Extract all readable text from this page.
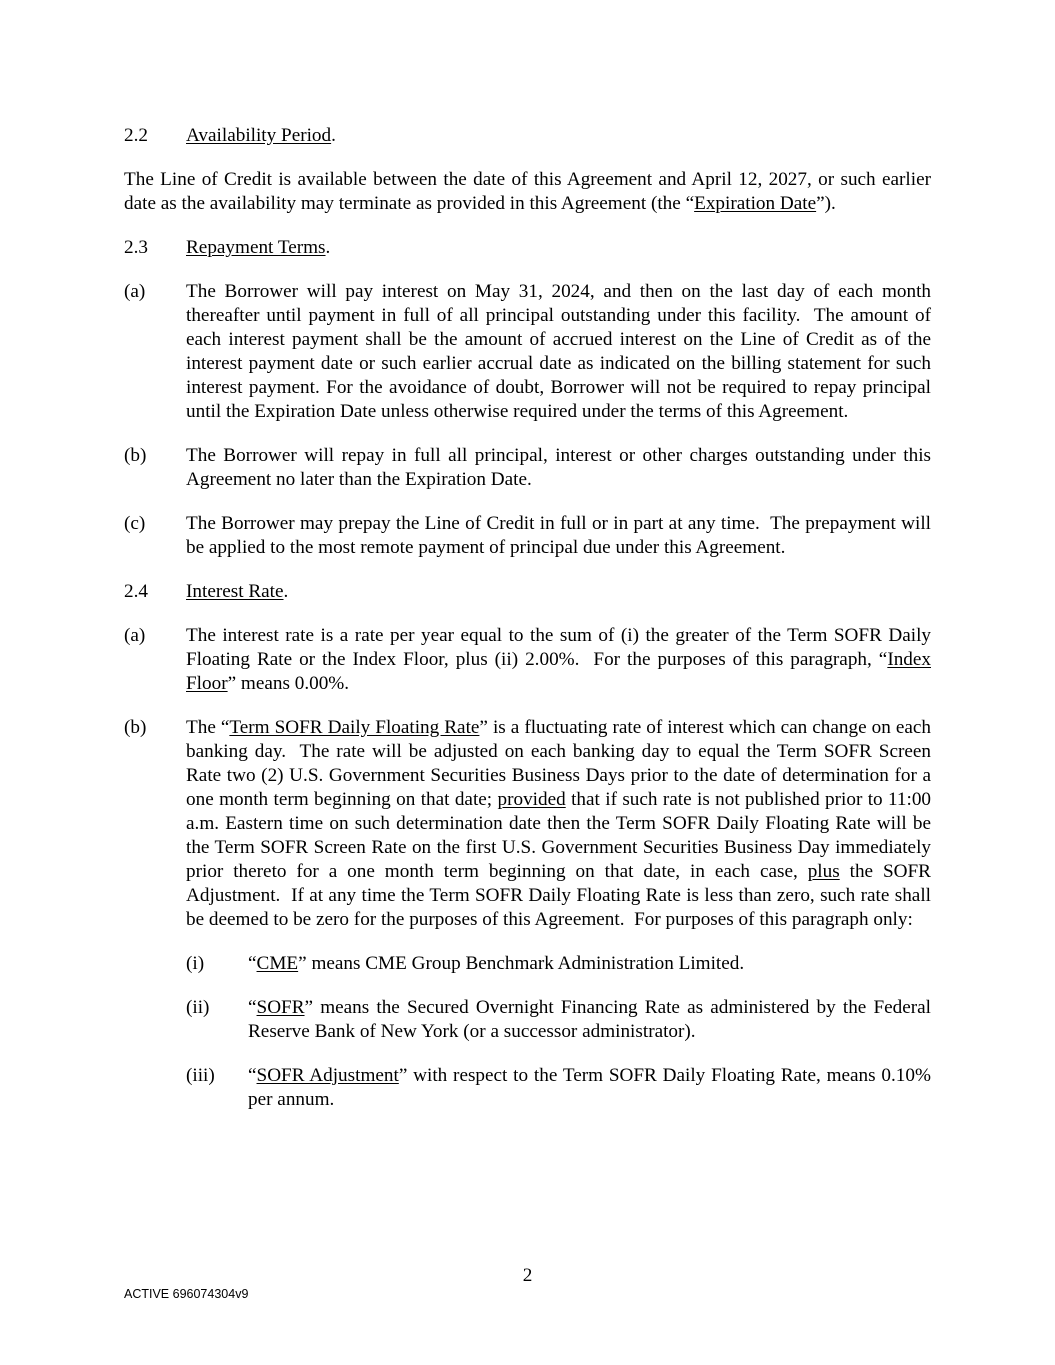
2.2	Availability Period.

The Line of Credit is available between the date of this Agreement and April 12, 2027, or such earlier date as the availability may terminate as provided in this Agreement (the “Expiration Date”).

2.3	Repayment Terms.
(a)	The Borrower will pay interest on May 31, 2024, and then on the last day of each month thereafter until payment in full of all principal outstanding under this facility.  The amount of each interest payment shall be the amount of accrued interest on the Line of Credit as of the interest payment date or such earlier accrual date as indicated on the billing statement for such interest payment. For the avoidance of doubt, Borrower will not be required to repay principal until the Expiration Date unless otherwise required under the terms of this Agreement.
(b)	The Borrower will repay in full all principal, interest or other charges outstanding under this Agreement no later than the Expiration Date.
(c)	The Borrower may prepay the Line of Credit in full or in part at any time.  The prepayment will be applied to the most remote payment of principal due under this Agreement.
2.4	Interest Rate.
(a)	The interest rate is a rate per year equal to the sum of (i) the greater of the Term SOFR Daily Floating Rate or the Index Floor, plus (ii) 2.00%.  For the purposes of this paragraph, “Index Floor” means 0.00%.
(b)	The “Term SOFR Daily Floating Rate” is a fluctuating rate of interest which can change on each banking day.  The rate will be adjusted on each banking day to equal the Term SOFR Screen Rate two (2) U.S. Government Securities Business Days prior to the date of determination for a one month term beginning on that date; provided that if such rate is not published prior to 11:00 a.m. Eastern time on such determination date then the Term SOFR Daily Floating Rate will be the Term SOFR Screen Rate on the first U.S. Government Securities Business Day immediately prior thereto for a one month term beginning on that date, in each case, plus the SOFR Adjustment.  If at any time the Term SOFR Daily Floating Rate is less than zero, such rate shall be deemed to be zero for the purposes of this Agreement.  For purposes of this paragraph only:
(i)	“CME” means CME Group Benchmark Administration Limited.
(ii)	“SOFR” means the Secured Overnight Financing Rate as administered by the Federal Reserve Bank of New York (or a successor administrator).
(iii)	“SOFR Adjustment” with respect to the Term SOFR Daily Floating Rate, means 0.10% per annum.
2
ACTIVE 696074304v9
